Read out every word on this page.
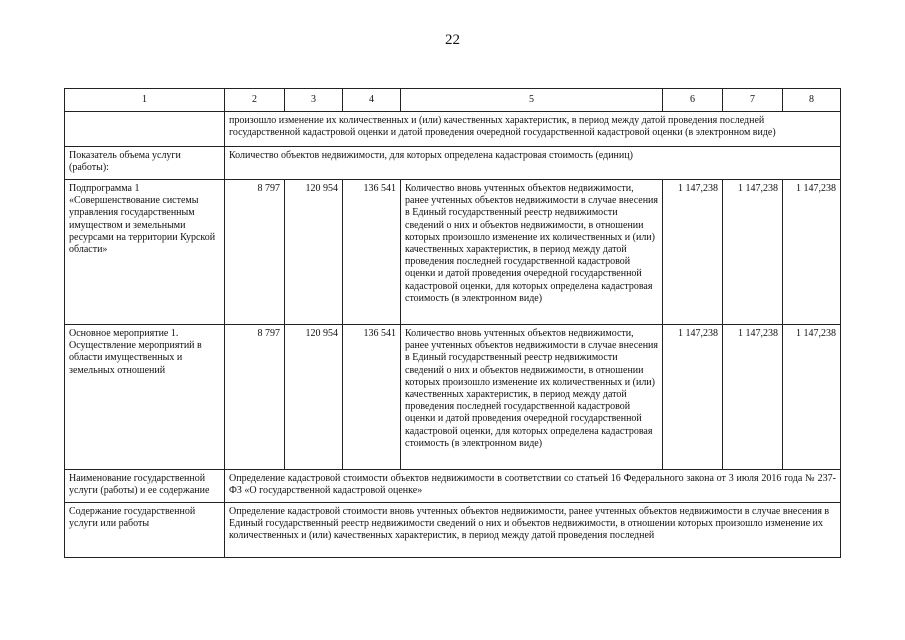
22
1	2	3	4	5	6	7	8
	произошло изменение их количественных и (или) качественных характеристик, в период между датой проведения последней государственной кадастровой оценки и датой проведения очередной государственной кадастровой оценки (в электронном виде)						
Показатель объема услуги (работы):	Количество объектов недвижимости, для которых определена кадастровая стоимость (единиц)						
Подпрограмма 1 «Совершенствование системы управления государственным имуществом и земельными ресурсами на территории Курской области»	8 797	120 954	136 541	Количество вновь учтенных объектов недвижимости, ранее учтенных объектов недвижимости в случае внесения в Единый государственный реестр недвижимости сведений о них и объектов недвижимости, в отношении которых произошло изменение их количественных и (или) качественных характеристик, в период между датой проведения последней государственной кадастровой оценки и датой проведения очередной государственной кадастровой оценки, для которых определена кадастровая стоимость (в электронном виде)	1 147,238	1 147,238	1 147,238
Основное мероприятие 1. Осуществление мероприятий в области имущественных и земельных отношений	8 797	120 954	136 541	Количество вновь учтенных объектов недвижимости, ранее учтенных объектов недвижимости в случае внесения в Единый государственный реестр недвижимости сведений о них и объектов недвижимости, в отношении которых произошло изменение их количественных и (или) качественных характеристик, в период между датой проведения последней государственной кадастровой оценки и датой проведения очередной государственной кадастровой оценки, для которых определена кадастровая стоимость (в электронном виде)	1 147,238	1 147,238	1 147,238
Наименование государственной услуги (работы) и ее содержание	Определение кадастровой стоимости объектов недвижимости в соответствии со статьей 16 Федерального закона от 3 июля 2016 года № 237-ФЗ «О государственной кадастровой оценке»						
Содержание государственной услуги или работы	Определение кадастровой стоимости вновь учтенных объектов недвижимости, ранее учтенных объектов недвижимости в случае внесения в Единый государственный реестр недвижимости сведений о них и объектов недвижимости, в отношении которых произошло изменение их количественных и (или) качественных характеристик, в период между датой проведения последней						
